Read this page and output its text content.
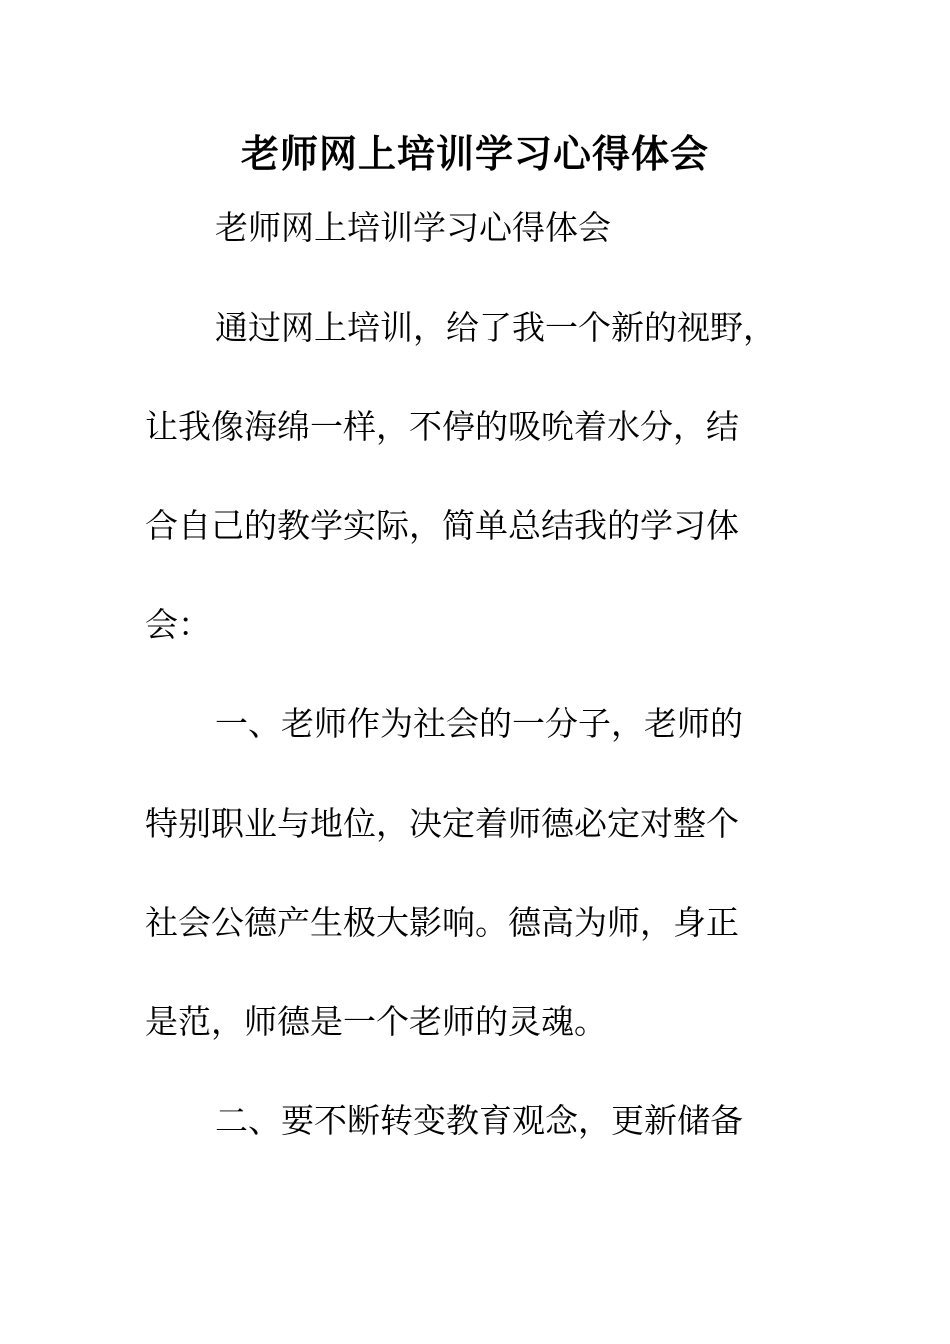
老师网上培训学习心得体会
老师网上培训学习心得体会
通过网上培训，给了我一个新的视野，
让我像海绵一样，不停的吸吮着水分，结
合自己的教学实际，简单总结我的学习体
会：
一、老师作为社会的一分子，老师的
特别职业与地位，决定着师德必定对整个
社会公德产生极大影响。德高为师，身正
是范，师德是一个老师的灵魂。
二、要不断转变教育观念，更新储备
